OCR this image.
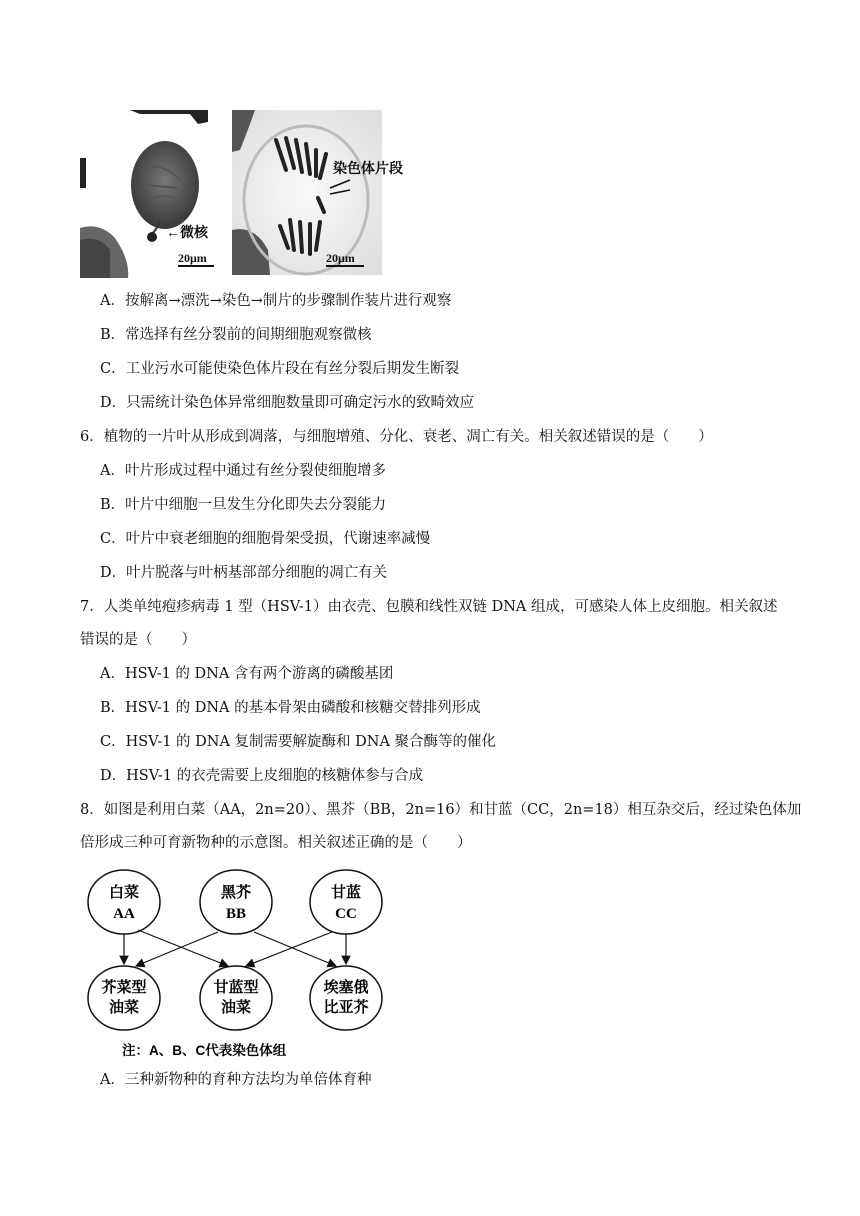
←微核
20μm
染色体片段
20μm
A．按解离→漂洗→染色→制片的步骤制作装片进行观察
B．常选择有丝分裂前的间期细胞观察微核
C．工业污水可能使染色体片段在有丝分裂后期发生断裂
D．只需统计染色体异常细胞数量即可确定污水的致畸效应
6．植物的一片叶从形成到凋落，与细胞增殖、分化、衰老、凋亡有关。相关叙述错误的是（　　）
A．叶片形成过程中通过有丝分裂使细胞增多
B．叶片中细胞一旦发生分化即失去分裂能力
C．叶片中衰老细胞的细胞骨架受损，代谢速率减慢
D．叶片脱落与叶柄基部部分细胞的凋亡有关
7．人类单纯疱疹病毒 1 型（HSV-1）由衣壳、包膜和线性双链 DNA 组成，可感染人体上皮细胞。相关叙述
错误的是（　　）
A．HSV-1 的 DNA 含有两个游离的磷酸基团
B．HSV-1 的 DNA 的基本骨架由磷酸和核糖交替排列形成
C．HSV-1 的 DNA 复制需要解旋酶和 DNA 聚合酶等的催化
D．HSV-1 的衣壳需要上皮细胞的核糖体参与合成
8．如图是利用白菜（AA，2n=20）、黑芥（BB，2n=16）和甘蓝（CC，2n=18）相互杂交后，经过染色体加
倍形成三种可育新物种的示意图。相关叙述正确的是（　　）
白菜
AA
黑芥
BB
甘蓝
CC
芥菜型
油菜
甘蓝型
油菜
埃塞俄
比亚芥
注：A、B、C代表染色体组
A．三种新物种的育种方法均为单倍体育种
